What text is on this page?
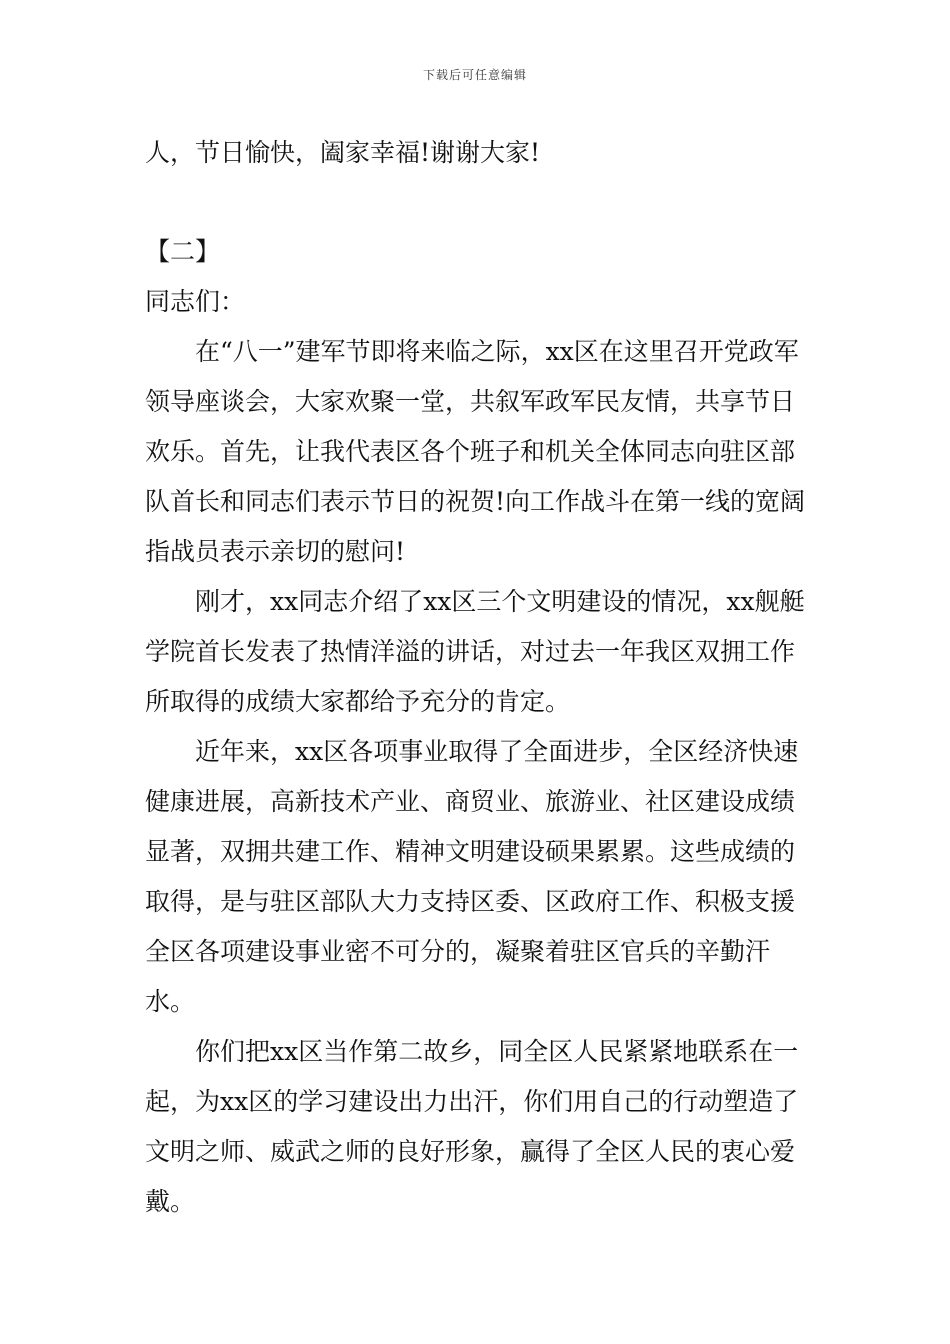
下载后可任意编辑

人，节日愉快，阖家幸福!谢谢大家!

【二】

同志们：

在“八一”建军节即将来临之际，xx区在这里召开党政军领导座谈会，大家欢聚一堂，共叙军政军民友情，共享节日欢乐。首先，让我代表区各个班子和机关全体同志向驻区部队首长和同志们表示节日的祝贺!向工作战斗在第一线的宽阔指战员表示亲切的慰问!

刚才，xx同志介绍了xx区三个文明建设的情况，xx舰艇学院首长发表了热情洋溢的讲话，对过去一年我区双拥工作所取得的成绩大家都给予充分的肯定。

近年来，xx区各项事业取得了全面进步，全区经济快速健康进展，高新技术产业、商贸业、旅游业、社区建设成绩显著，双拥共建工作、精神文明建设硕果累累。这些成绩的取得，是与驻区部队大力支持区委、区政府工作、积极支援全区各项建设事业密不可分的，凝聚着驻区官兵的辛勤汗水。

你们把xx区当作第二故乡，同全区人民紧紧地联系在一起，为xx区的学习建设出力出汗，你们用自己的行动塑造了文明之师、威武之师的良好形象，赢得了全区人民的衷心爱戴。
